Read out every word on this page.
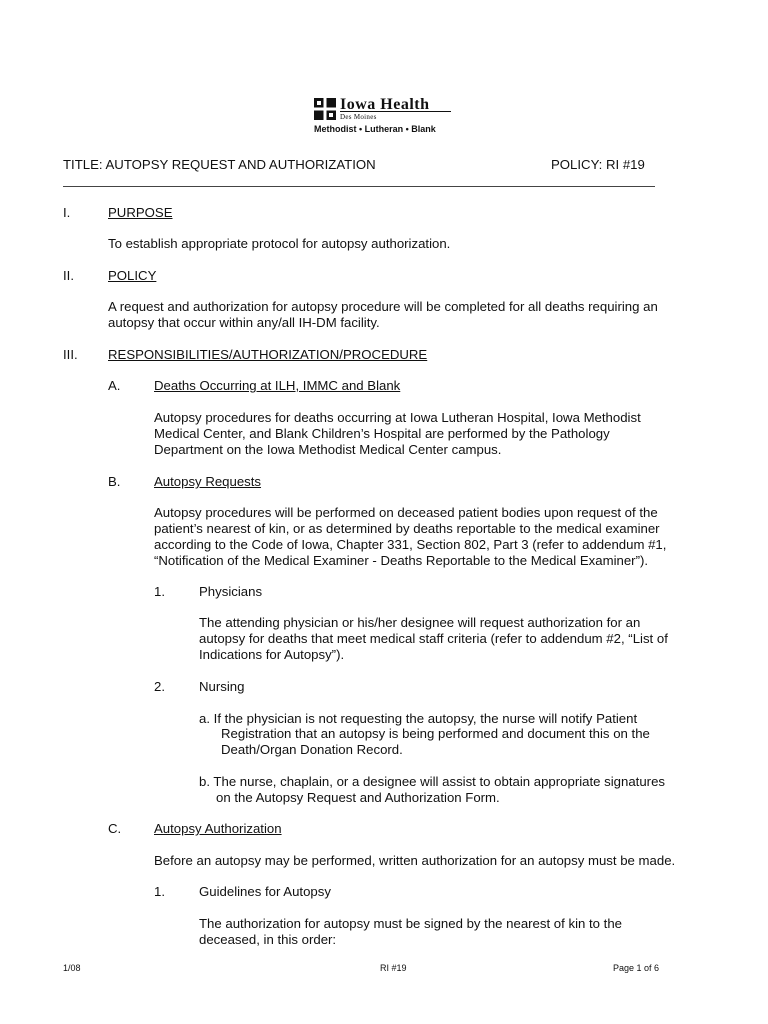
Iowa Health
Des Moines
Methodist • Lutheran • Blank
TITLE: AUTOPSY REQUEST AND AUTHORIZATION	POLICY: RI #19
I.	PURPOSE
To establish appropriate protocol for autopsy authorization.
II.	POLICY
A request and authorization for autopsy procedure will be completed for all deaths requiring an
autopsy that occur within any/all IH-DM facility.
III. RESPONSIBILITIES/AUTHORIZATION/PROCEDURE
A.	Deaths Occurring at ILH, IMMC and Blank
Autopsy procedures for deaths occurring at Iowa Lutheran Hospital, Iowa Methodist
Medical Center, and Blank Children’s Hospital are performed by the Pathology
Department on the Iowa Methodist Medical Center campus.
B.	Autopsy Requests
Autopsy procedures will be performed on deceased patient bodies upon request of the
patient’s nearest of kin, or as determined by deaths reportable to the medical examiner
according to the Code of Iowa, Chapter 331, Section 802, Part 3 (refer to addendum #1,
“Notification of the Medical Examiner - Deaths Reportable to the Medical Examiner”).
1.	Physicians
The attending physician or his/her designee will request authorization for an
autopsy for deaths that meet medical staff criteria (refer to addendum #2, “List of
Indications for Autopsy”).
2.	Nursing
a. If the physician is not requesting the autopsy, the nurse will notify Patient
Registration that an autopsy is being performed and document this on the
Death/Organ Donation Record.
b. The nurse, chaplain, or a designee will assist to obtain appropriate signatures
on the Autopsy Request and Authorization Form.
C. Autopsy Authorization
Before an autopsy may be performed, written authorization for an autopsy must be made.
1.	Guidelines for Autopsy
The authorization for autopsy must be signed by the nearest of kin to the
deceased, in this order:
1/08	RI #19	Page 1 of 6
